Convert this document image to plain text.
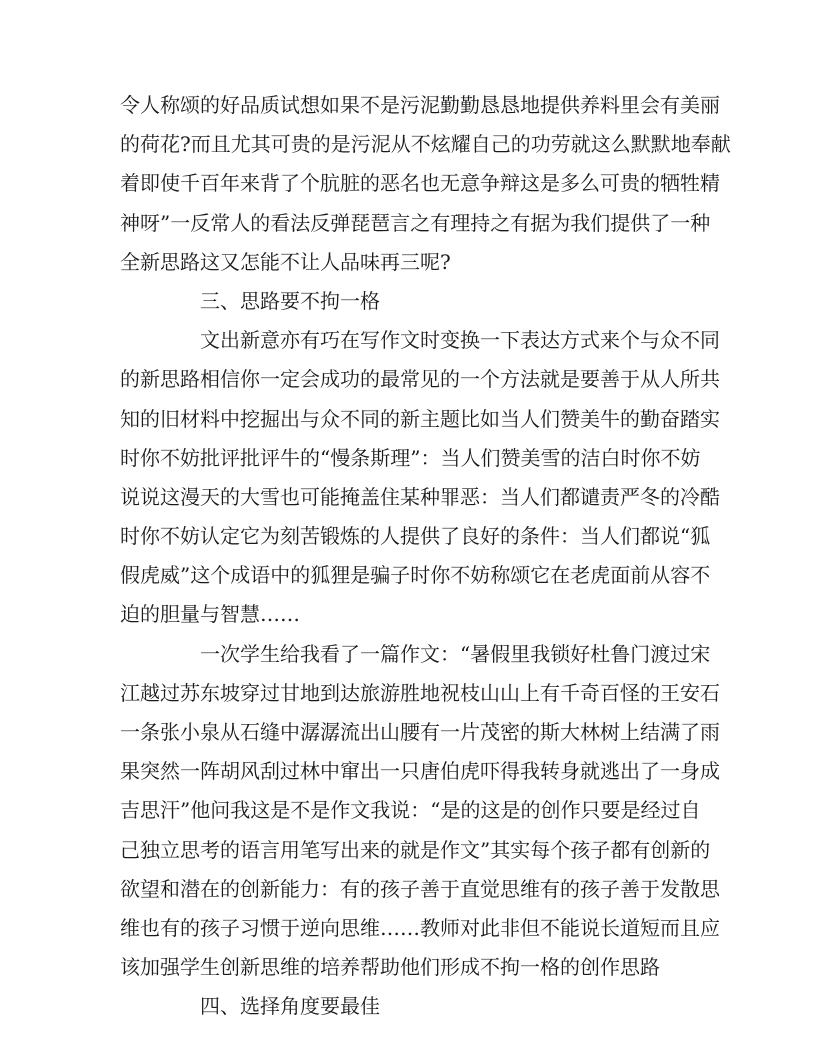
令人称颂的好品质试想如果不是污泥勤勤恳恳地提供养料里会有美丽
的荷花?而且尤其可贵的是污泥从不炫耀自己的功劳就这么默默地奉献
着即使千百年来背了个肮脏的恶名也无意争辩这是多么可贵的牺牲精
神呀”一反常人的看法反弹琵琶言之有理持之有据为我们提供了一种
全新思路这又怎能不让人品味再三呢?
三、思路要不拘一格
文出新意亦有巧在写作文时变换一下表达方式来个与众不同
的新思路相信你一定会成功的最常见的一个方法就是要善于从人所共
知的旧材料中挖掘出与众不同的新主题比如当人们赞美牛的勤奋踏实
时你不妨批评批评牛的“慢条斯理”：当人们赞美雪的洁白时你不妨
说说这漫天的大雪也可能掩盖住某种罪恶：当人们都谴责严冬的冷酷
时你不妨认定它为刻苦锻炼的人提供了良好的条件：当人们都说“狐
假虎威”这个成语中的狐狸是骗子时你不妨称颂它在老虎面前从容不
迫的胆量与智慧……
一次学生给我看了一篇作文：“暑假里我锁好杜鲁门渡过宋
江越过苏东坡穿过甘地到达旅游胜地祝枝山山上有千奇百怪的王安石
一条张小泉从石缝中潺潺流出山腰有一片茂密的斯大林树上结满了雨
果突然一阵胡风刮过林中窜出一只唐伯虎吓得我转身就逃出了一身成
吉思汗”他问我这是不是作文我说：“是的这是的创作只要是经过自
己独立思考的语言用笔写出来的就是作文”其实每个孩子都有创新的
欲望和潜在的创新能力：有的孩子善于直觉思维有的孩子善于发散思
维也有的孩子习惯于逆向思维……教师对此非但不能说长道短而且应
该加强学生创新思维的培养帮助他们形成不拘一格的创作思路
四、选择角度要最佳
